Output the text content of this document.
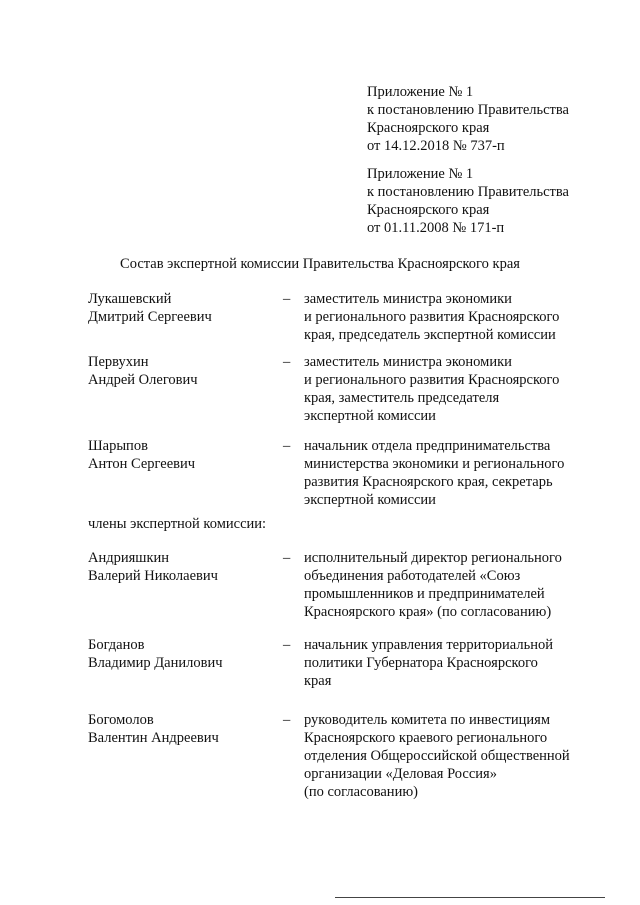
Приложение № 1
к постановлению Правительства
Красноярского края
от 14.12.2018 № 737-п
Приложение № 1
к постановлению Правительства
Красноярского края
от 01.11.2008 № 171-п
Состав экспертной комиссии Правительства Красноярского края
Лукашевский
Дмитрий Сергеевич
– заместитель министра экономики
и регионального развития Красноярского
края, председатель экспертной комиссии
Первухин
Андрей Олегович
– заместитель министра экономики
и регионального развития Красноярского
края, заместитель председателя
экспертной комиссии
Шарыпов
Антон Сергеевич
– начальник отдела предпринимательства
министерства экономики и регионального
развития Красноярского края, секретарь
экспертной комиссии
члены экспертной комиссии:
Андрияшкин
Валерий Николаевич
– исполнительный директор регионального
объединения работодателей «Союз
промышленников и предпринимателей
Красноярского края» (по согласованию)
Богданов
Владимир Данилович
– начальник управления территориальной
политики Губернатора Красноярского
края
Богомолов
Валентин Андреевич
– руководитель комитета по инвестициям
Красноярского краевого регионального
отделения Общероссийской общественной
организации «Деловая Россия»
(по согласованию)
